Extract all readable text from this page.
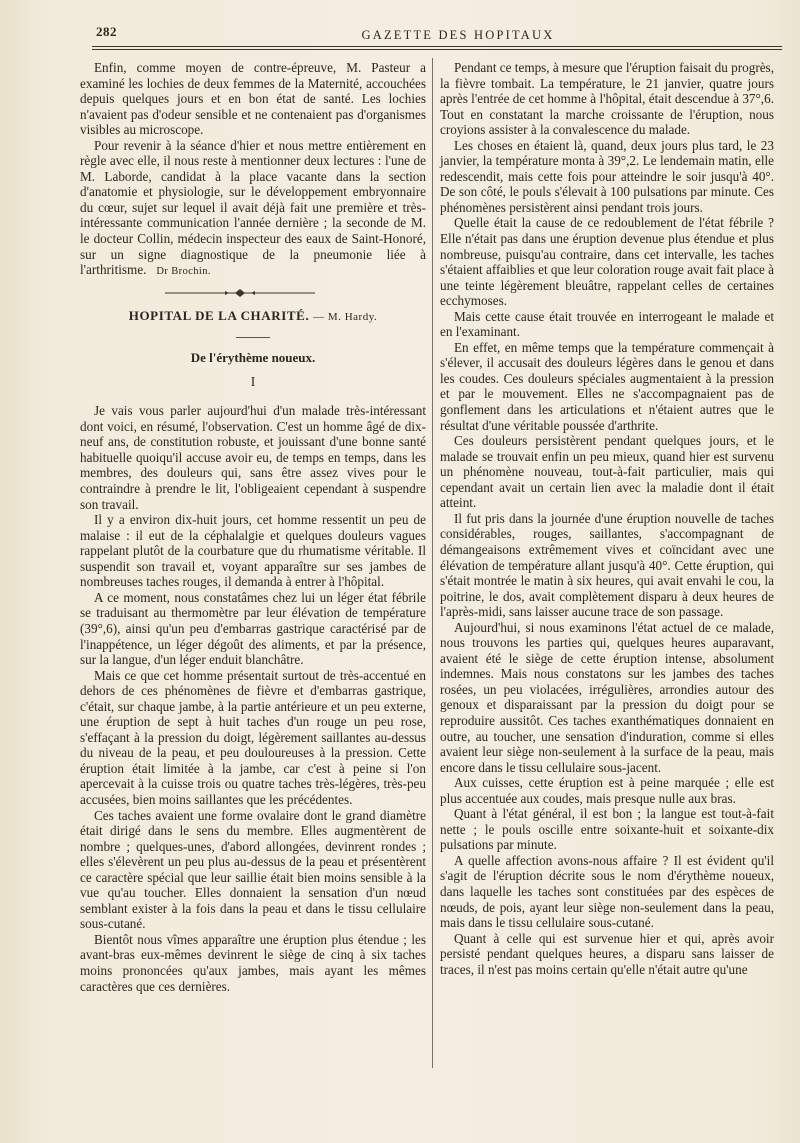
282	GAZETTE DES HOPITAUX

Enfin, comme moyen de contre-épreuve, M. Pasteur a examiné les lochies de deux femmes de la Maternité, accouchées depuis quelques jours et en bon état de santé. Les lochies n'avaient pas d'odeur sensible et ne contenaient pas d'organismes visibles au microscope.

Pour revenir à la séance d'hier et nous mettre entièrement en règle avec elle, il nous reste à mentionner deux lectures : l'une de M. Laborde, candidat à la place vacante dans la section d'anatomie et physiologie, sur le développement embryonnaire du cœur, sujet sur lequel il avait déjà fait une première et très-intéressante communication l'année dernière ; la seconde de M. le docteur Collin, médecin inspecteur des eaux de Saint-Honoré, sur un signe diagnostique de la pneumonie liée à l'arthritisme. Dr Brochin.

HOPITAL DE LA CHARITÉ. — M. Hardy.
De l'érythème noueux.
I

Je vais vous parler aujourd'hui d'un malade très-intéressant dont voici, en résumé, l'observation. C'est un homme âgé de dix-neuf ans, de constitution robuste, et jouissant d'une bonne santé habituelle quoiqu'il accuse avoir eu, de temps en temps, dans les membres, des douleurs qui, sans être assez vives pour le contraindre à prendre le lit, l'obligeaient cependant à suspendre son travail.

Il y a environ dix-huit jours, cet homme ressentit un peu de malaise : il eut de la céphalalgie et quelques douleurs vagues rappelant plutôt de la courbature que du rhumatisme véritable. Il suspendit son travail et, voyant apparaître sur ses jambes de nombreuses taches rouges, il demanda à entrer à l'hôpital.

A ce moment, nous constatâmes chez lui un léger état fébrile se traduisant au thermomètre par leur élévation de température (39°,6), ainsi qu'un peu d'embarras gastrique caractérisé par de l'inappétence, un léger dégoût des aliments, et par la présence, sur la langue, d'un léger enduit blanchâtre.

Mais ce que cet homme présentait surtout de très-accentué en dehors de ces phénomènes de fièvre et d'embarras gastrique, c'était, sur chaque jambe, à la partie antérieure et un peu externe, une éruption de sept à huit taches d'un rouge un peu rose, s'effaçant à la pression du doigt, légèrement saillantes au-dessus du niveau de la peau, et peu douloureuses à la pression. Cette éruption était limitée à la jambe, car c'est à peine si l'on apercevait à la cuisse trois ou quatre taches très-légères, très-peu accusées, bien moins saillantes que les précédentes.

Ces taches avaient une forme ovalaire dont le grand diamètre était dirigé dans le sens du membre. Elles augmentèrent de nombre ; quelques-unes, d'abord allongées, devinrent rondes ; elles s'élevèrent un peu plus au-dessus de la peau et présentèrent ce caractère spécial que leur saillie était bien moins sensible à la vue qu'au toucher. Elles donnaient la sensation d'un nœud semblant exister à la fois dans la peau et dans le tissu cellulaire sous-cutané.

Bientôt nous vîmes apparaître une éruption plus étendue ; les avant-bras eux-mêmes devinrent le siège de cinq à six taches moins prononcées qu'aux jambes, mais ayant les mêmes caractères que ces dernières.

Pendant ce temps, à mesure que l'éruption faisait du progrès, la fièvre tombait. La température, le 21 janvier, quatre jours après l'entrée de cet homme à l'hôpital, était descendue à 37°,6. Tout en constatant la marche croissante de l'éruption, nous croyions assister à la convalescence du malade.

Les choses en étaient là, quand, deux jours plus tard, le 23 janvier, la température monta à 39°,2. Le lendemain matin, elle redescendit, mais cette fois pour atteindre le soir jusqu'à 40°. De son côté, le pouls s'élevait à 100 pulsations par minute. Ces phénomènes persistèrent ainsi pendant trois jours.

Quelle était la cause de ce redoublement de l'état fébrile ? Elle n'était pas dans une éruption devenue plus étendue et plus nombreuse, puisqu'au contraire, dans cet intervalle, les taches s'étaient affaiblies et que leur coloration rouge avait fait place à une teinte légèrement bleuâtre, rappelant celles de certaines ecchymoses.

Mais cette cause était trouvée en interrogeant le malade et en l'examinant.

En effet, en même temps que la température commençait à s'élever, il accusait des douleurs légères dans le genou et dans les coudes. Ces douleurs spéciales augmentaient à la pression et par le mouvement. Elles ne s'accompagnaient pas de gonflement dans les articulations et n'étaient autres que le résultat d'une véritable poussée d'arthrite.

Ces douleurs persistèrent pendant quelques jours, et le malade se trouvait enfin un peu mieux, quand hier est survenu un phénomène nouveau, tout-à-fait particulier, mais qui cependant avait un certain lien avec la maladie dont il était atteint.

Il fut pris dans la journée d'une éruption nouvelle de taches considérables, rouges, saillantes, s'accompagnant de démangeaisons extrêmement vives et coïncidant avec une élévation de température allant jusqu'à 40°. Cette éruption, qui s'était montrée le matin à six heures, qui avait envahi le cou, la poitrine, le dos, avait complètement disparu à deux heures de l'après-midi, sans laisser aucune trace de son passage.

Aujourd'hui, si nous examinons l'état actuel de ce malade, nous trouvons les parties qui, quelques heures auparavant, avaient été le siège de cette éruption intense, absolument indemnes. Mais nous constatons sur les jambes des taches rosées, un peu violacées, irrégulières, arrondies autour des genoux et disparaissant par la pression du doigt pour se reproduire aussitôt. Ces taches exanthématiques donnaient en outre, au toucher, une sensation d'induration, comme si elles avaient leur siège non-seulement à la surface de la peau, mais encore dans le tissu cellulaire sous-jacent.

Aux cuisses, cette éruption est à peine marquée ; elle est plus accentuée aux coudes, mais presque nulle aux bras.

Quant à l'état général, il est bon ; la langue est tout-à-fait nette ; le pouls oscille entre soixante-huit et soixante-dix pulsations par minute.

A quelle affection avons-nous affaire ? Il est évident qu'il s'agit de l'éruption décrite sous le nom d'érythème noueux, dans laquelle les taches sont constituées par des espèces de nœuds, de pois, ayant leur siège non-seulement dans la peau, mais dans le tissu cellulaire sous-cutané.

Quant à celle qui est survenue hier et qui, après avoir persisté pendant quelques heures, a disparu sans laisser de traces, il n'est pas moins certain qu'elle n'était autre qu'une
